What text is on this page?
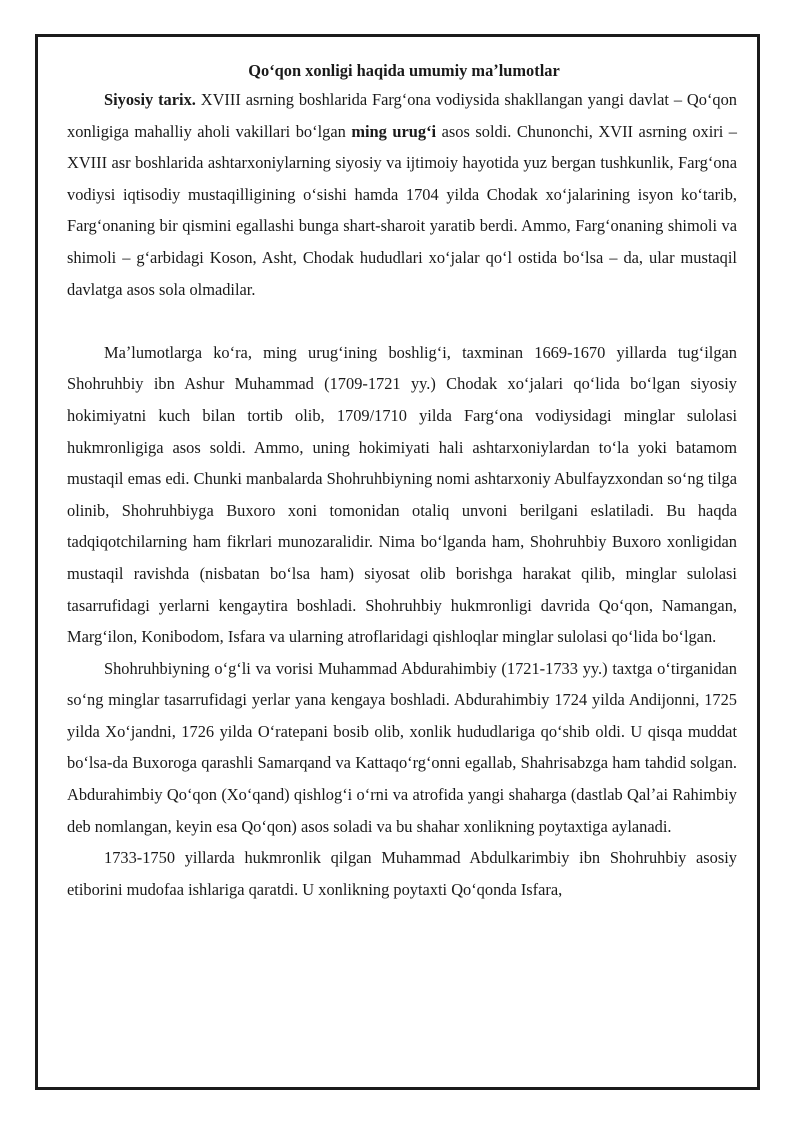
Qoʻqon xonligi haqida umumiy maʼlumotlar

Siyosiy tarix. XVIII asrning boshlarida Fargʻona vodiysida shakllangan yangi davlat – Qoʻqon xonligiga mahalliy aholi vakillari boʻlgan ming urugʻi asos soldi. Chunonchi, XVII asrning oxiri – XVIII asr boshlarida ashtarxoniylarning siyosiy va ijtimoiy hayotida yuz bergan tushkunlik, Fargʻona vodiysi iqtisodiy mustaqilligining oʻsishi hamda 1704 yilda Chodak xoʻjalarining isyon koʻtarib, Fargʻonaning bir qismini egallashi bunga shart-sharoit yaratib berdi. Ammo, Fargʻonaning shimoli va shimoli – gʻarbidagi Koson, Asht, Chodak hududlari xoʻjalar qoʻl ostida boʻlsa – da, ular mustaqil davlatga asos sola olmadilar.

Maʼlumotlarga koʻra, ming urugʻining boshligʻi, taxminan 1669-1670 yillarda tugʻilgan Shohruhbiy ibn Ashur Muhammad (1709-1721 yy.) Chodak xoʻjalari qoʻlida boʻlgan siyosiy hokimiyatni kuch bilan tortib olib, 1709/1710 yilda Fargʻona vodiysidagi minglar sulolasi hukmronligiga asos soldi. Ammo, uning hokimiyati hali ashtarxoniylardan toʻla yoki batamom mustaqil emas edi. Chunki manbalarda Shohruhbiyning nomi ashtarxoniy Abulfayzxondan soʻng tilga olinib, Shohruhbiyga Buxoro xoni tomonidan otaliq unvoni berilgani eslatiladi. Bu haqda tadqiqotchilarning ham fikrlari munozaralidir. Nima boʻlganda ham, Shohruhbiy Buxoro xonligidan mustaqil ravishda (nisbatan boʻlsa ham) siyosat olib borishga harakat qilib, minglar sulolasi tasarrufidagi yerlarni kengaytira boshladi. Shohruhbiy hukmronligi davrida Qoʻqon, Namangan, Margʻilon, Konibodom, Isfara va ularning atroflaridagi qishloqlar minglar sulolasi qoʻlida boʻlgan.

Shohruhbiyning oʻgʻli va vorisi Muhammad Abdurahimbiy (1721-1733 yy.) taxtga oʻtirganidan soʻng minglar tasarrufidagi yerlar yana kengaya boshladi. Abdurahimbiy 1724 yilda Andijonni, 1725 yilda Xoʻjandni, 1726 yilda Oʻratepani bosib olib, xonlik hududlariga qoʻshib oldi. U qisqa muddat boʻlsa-da Buxoroga qarashli Samarqand va Kattaqoʻrgʻonni egallab, Shahrisabzga ham tahdid solgan. Abdurahimbiy Qoʻqon (Xoʻqand) qishlogʻi oʻrni va atrofida yangi shaharga (dastlab Qalʼai Rahimbiy deb nomlangan, keyin esa Qoʻqon) asos soladi va bu shahar xonlikning poytaxtiga aylanadi.

1733-1750 yillarda hukmronlik qilgan Muhammad Abdulkarimbiy ibn Shohruhbiy asosiy etiborini mudofaa ishlariga qaratdi. U xonlikning poytaxti Qoʻqonda Isfara,
